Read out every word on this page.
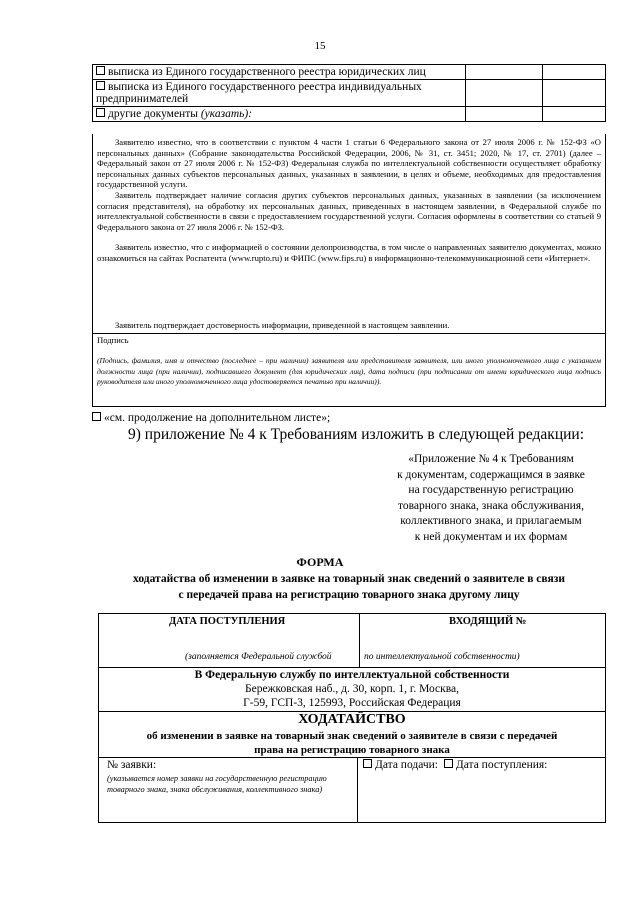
15
выписка из Единого государственного реестра юридических лиц		
выписка из Единого государственного реестра индивидуальных предпринимателей		
другие документы (указать):		

Заявителю известно, что в соответствии с пунктом 4 части 1 статьи 6 Федерального закона от 27 июля 2006 г. № 152-ФЗ «О персональных данных» (Собрание законодательства Российской Федерации, 2006, № 31, ст. 3451; 2020, № 17, ст. 2701) (далее – Федеральный закон от 27 июля 2006 г. № 152-ФЗ) Федеральная служба по интеллектуальной собственности осуществляет обработку персональных данных субъектов персональных данных, указанных в заявлении, в целях и объеме, необходимых для предоставления государственной услуги.

Заявитель подтверждает наличие согласия других субъектов персональных данных, указанных в заявлении (за исключением согласия представителя), на обработку их персональных данных, приведенных в настоящем заявлении, в Федеральной службе по интеллектуальной собственности в связи с предоставлением государственной услуги. Согласия оформлены в соответствии со статьей 9 Федерального закона от 27 июля 2006 г. № 152-ФЗ.

Заявитель известно, что с информацией о состоянии делопроизводства, в том числе о направленных заявителю документах, можно ознакомиться на сайтах Роспатента (www.rupto.ru) и ФИПС (www.fips.ru) в информационно-телекоммуникационной сети «Интернет».

Заявитель подтверждает достоверность информации, приведенной в настоящем заявлении.
Подпись
(Подпись, фамилия, имя и отчество (последнее – при наличии) заявителя или представителя заявителя, или иного уполномоченного лица с указанием должности лица (при наличии), подписавшего документ (для юридических лиц), дата подписи (при подписании от имени юридического лица подпись руководителя или иного уполномоченного лица удостоверяется печатью при наличии)).
«см. продолжение на дополнительном листе»;
9) приложение № 4 к Требованиям изложить в следующей редакции:
«Приложение № 4 к Требованиям
к документам, содержащимся в заявке
на государственную регистрацию
товарного знака, знака обслуживания,
коллективного знака, и прилагаемым
к ней документам и их формам
ФОРМА
ходатайства об изменении в заявке на товарный знак сведений о заявителе в связи
с передачей права на регистрацию товарного знака другому лицу
ДАТА ПОСТУПЛЕНИЯ	ВХОДЯЩИЙ №
(заполняется Федеральной службой	по интеллектуальной собственности)
В Федеральную службу по интеллектуальной собственности
Бережковская наб., д. 30, корп. 1, г. Москва,
Г-59, ГСП-3, 125993, Российская Федерация
ХОДАТАЙСТВО
об изменении в заявке на товарный знак сведений о заявителе в связи с передачей
права на регистрацию товарного знака
№ заявки:
(указывается номер заявки на государственную регистрацию товарного знака, знака обслуживания, коллективного знака)
Дата подачи: Дата поступления:
